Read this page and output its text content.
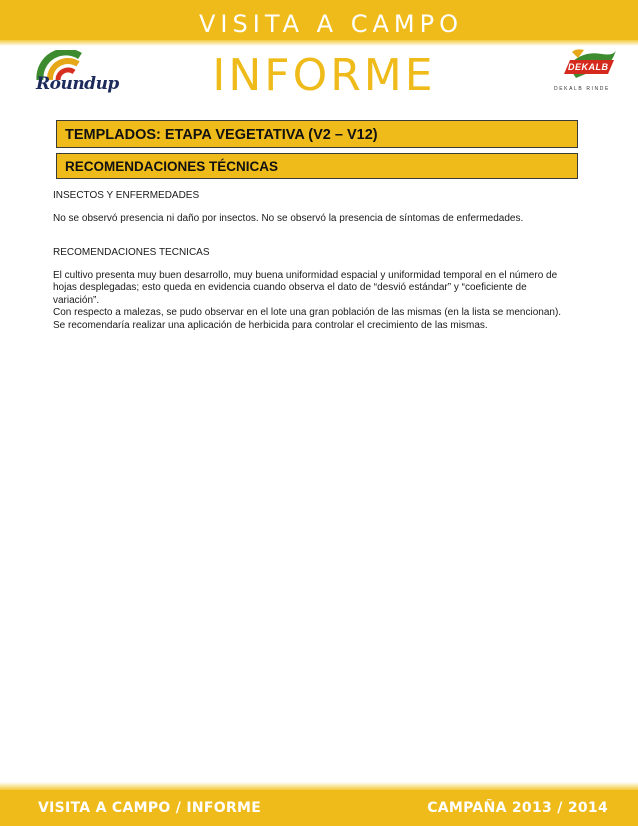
VISITA A CAMPO
INFORME
Roundup
DEKALB
DEKALB RINDE
TEMPLADOS: ETAPA VEGETATIVA (V2 – V12)
RECOMENDACIONES TÉCNICAS

INSECTOS Y ENFERMEDADES

No se observó presencia ni daño por insectos. No se observó la presencia de síntomas de enfermedades.

RECOMENDACIONES TECNICAS

El cultivo presenta muy buen desarrollo, muy buena uniformidad espacial y uniformidad temporal en el número de
hojas desplegadas; esto queda en evidencia cuando observa el dato de “desvió estándar” y “coeficiente de
variación”.
Con respecto a malezas, se pudo observar en el lote una gran población de las mismas (en la lista se mencionan).
Se recomendaría realizar una aplicación de herbicida para controlar el crecimiento de las mismas.

VISITA A CAMPO / INFORME	CAMPAÑA 2013 / 2014
